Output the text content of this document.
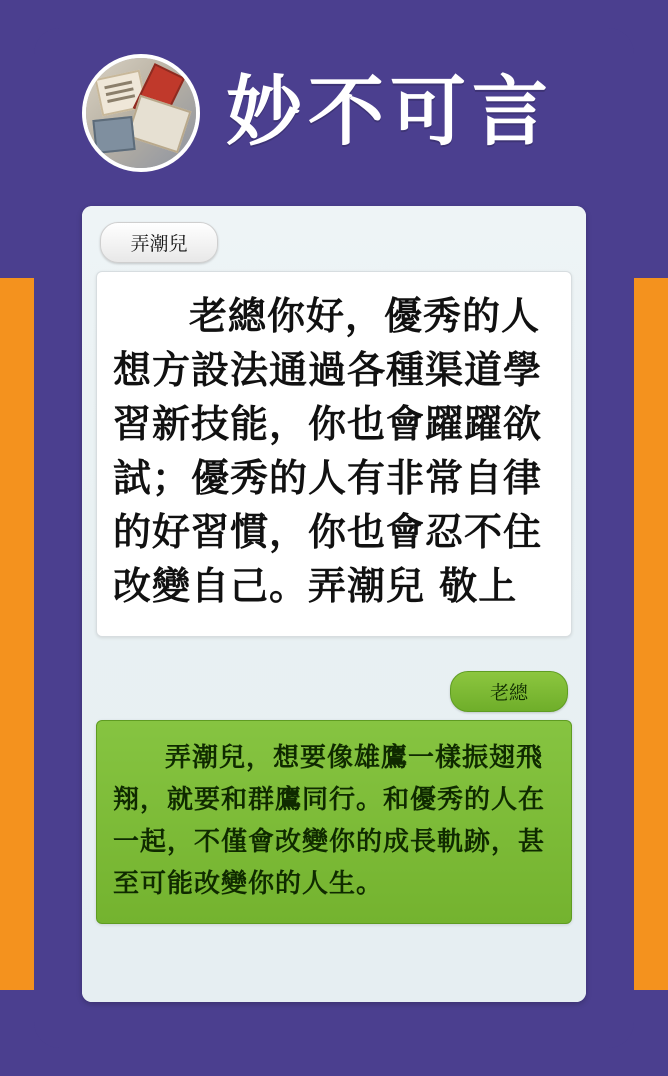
妙不可言
弄潮兒
老總你好，優秀的人想方設法通過各種渠道學習新技能，你也會躍躍欲試；優秀的人有非常自律的好習慣，你也會忍不住改變自己。弄潮兒 敬上
老總
弄潮兒，想要像雄鷹一樣振翅飛翔，就要和群鷹同行。和優秀的人在一起，不僅會改變你的成長軌跡，甚至可能改變你的人生。
